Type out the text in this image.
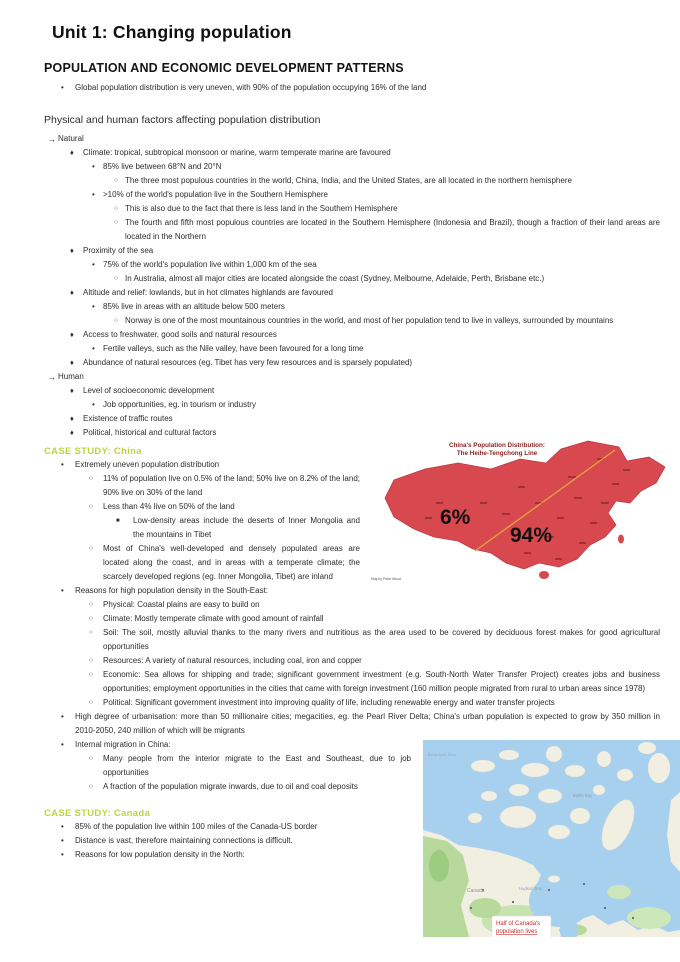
Unit 1: Changing population
POPULATION AND ECONOMIC DEVELOPMENT PATTERNS
• Global population distribution is very uneven, with 90% of the population occupying 16% of the land
Physical and human factors affecting population distribution
→ Natural
♦ Climate: tropical, subtropical monsoon or marine, warm temperate marine are favoured
• 85% live between 68°N and 20°N
○ The three most populous countries in the world, China, India, and the United States, are all located in the northern hemisphere
• >10% of the world's population live in the Southern Hemisphere
○ This is also due to the fact that there is less land in the Southern Hemisphere
○ The fourth and fifth most populous countries are located in the Southern Hemisphere (Indonesia and Brazil), though a fraction of their land areas are located in the Northern
♦ Proximity of the sea
• 75% of the world's population live within 1,000 km of the sea
○ In Australia, almost all major cities are located alongside the coast (Sydney, Melbourne, Adelaide, Perth, Brisbane etc.)
♦ Altitude and relief: lowlands, but in hot climates highlands are favoured
• 85% live in areas with an altitude below 500 meters
○ Norway is one of the most mountainous countries in the world, and most of her population tend to live in valleys, surrounded by mountains
♦ Access to freshwater, good soils and natural resources
• Fertile valleys, such as the Nile valley, have been favoured for a long time
♦ Abundance of natural resources (eg. Tibet has very few resources and is sparsely populated)
→ Human
♦ Level of socioeconomic development
• Job opportunities, eg. in tourism or industry
♦ Existence of traffic routes
♦ Political, historical and cultural factors
China's Population Distribution:
The Heihe-Tengchong Line
6%
94%
Map by Peter Wood
CASE STUDY: China
• Extremely uneven population distribution
○ 11% of population live on 0.5% of the land; 50% live on 8.2% of the land; 90% live on 30% of the land
○ Less than 4% live on 50% of the land
■ Low-density areas include the deserts of Inner Mongolia and the mountains in Tibet
○ Most of China's well-developed and densely populated areas are located along the coast, and in areas with a temperate climate; the scarcely developed regions (eg. Inner Mongolia, Tibet) are inland
• Reasons for high population density in the South-East:
○ Physical: Coastal plains are easy to build on
○ Climate: Mostly temperate climate with good amount of rainfall
○ Soil: The soil, mostly alluvial thanks to the many rivers and nutritious as the area used to be covered by deciduous forest makes for good agricultural opportunities
○ Resources: A variety of natural resources, including coal, iron and copper
○ Economic: Sea allows for shipping and trade; significant government investment (e.g. South-North Water Transfer Project) creates jobs and business opportunities; employment opportunities in the cities that came with foreign investment (160 million people migrated from rural to urban areas since 1978)
○ Political: Significant government investment into improving quality of life, including renewable energy and water transfer projects
• High degree of urbanisation: more than 50 millionaire cities; megacities, eg. the Pearl River Delta; China's urban population is expected to grow by 350 million in 2010-2050, 240 million of which will be migrants
Beaufort Sea
Baffin Bay
Hudson Bay
Canada
Half of Canada's
population lives
• Internal migration in China:
○ Many people from the interior migrate to the East and Southeast, due to job opportunities
○ A fraction of the population migrate inwards, due to oil and coal deposits
CASE STUDY: Canada
• 85% of the population live within 100 miles of the Canada-US border
• Distance is vast, therefore maintaining connections is difficult.
• Reasons for low population density in the North:
